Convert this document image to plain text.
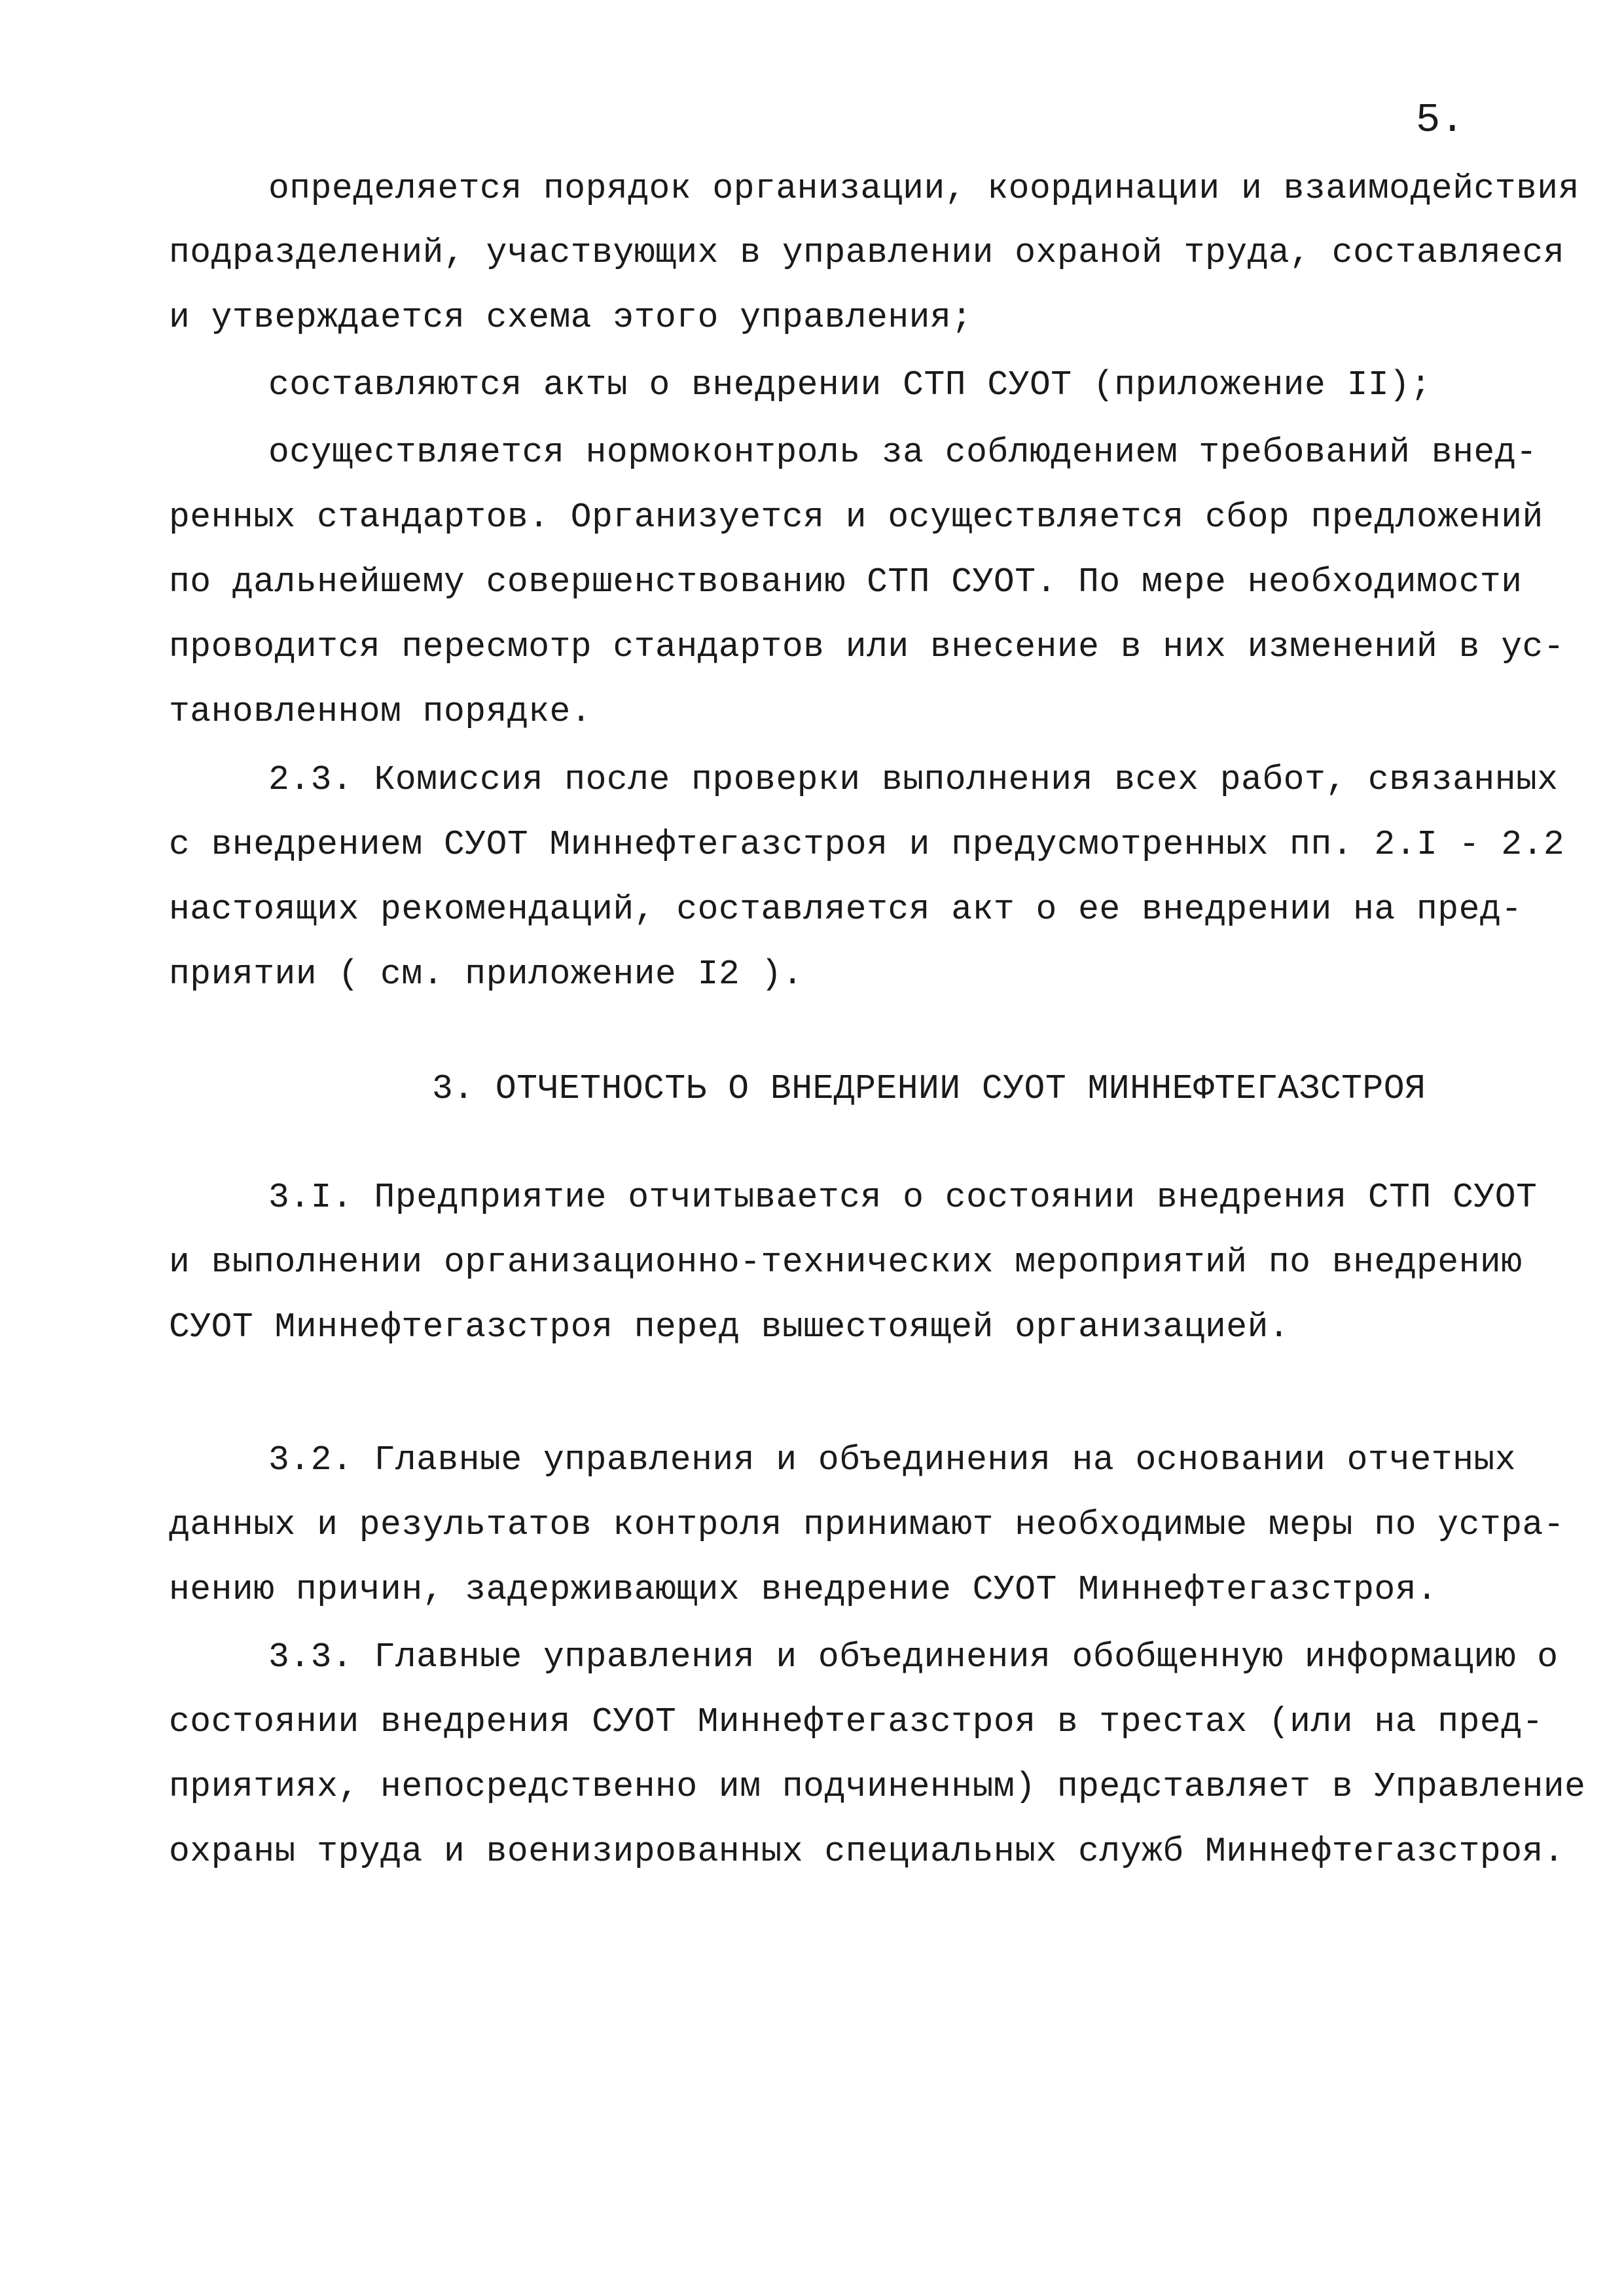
5.
определяется порядок организации, координации и взаимодействия
подразделений, участвующих в управлении охраной труда, составляеся
и утверждается схема этого управления;
составляются акты о внедрении СТП СУОТ (приложение II);
осуществляется нормоконтроль за соблюдением требований внед-
ренных стандартов. Организуется и осуществляется сбор предложений
по дальнейшему совершенствованию СТП СУОТ. По мере необходимости
проводится пересмотр стандартов или внесение в них изменений в ус-
тановленном порядке.
2.3. Комиссия после проверки выполнения всех работ, связанных
с внедрением СУОТ Миннефтегазстроя и предусмотренных пп. 2.I - 2.2
настоящих рекомендаций, составляется акт о ее внедрении на пред-
приятии ( см. приложение I2 ).
3. ОТЧЕТНОСТЬ О ВНЕДРЕНИИ СУОТ МИННЕФТЕГАЗСТРОЯ
3.I. Предприятие отчитывается о состоянии внедрения СТП СУОТ
и выполнении организационно-технических мероприятий по внедрению
СУОТ Миннефтегазстроя перед вышестоящей организацией.
3.2. Главные управления и объединения на основании отчетных
данных и результатов контроля принимают необходимые меры по устра-
нению причин, задерживающих внедрение СУОТ Миннефтегазстроя.
3.3. Главные управления и объединения обобщенную информацию о
состоянии внедрения СУОТ Миннефтегазстроя в трестах (или на пред-
приятиях, непосредственно им подчиненным) представляет в Управление
охраны труда и военизированных специальных служб Миннефтегазстроя.
